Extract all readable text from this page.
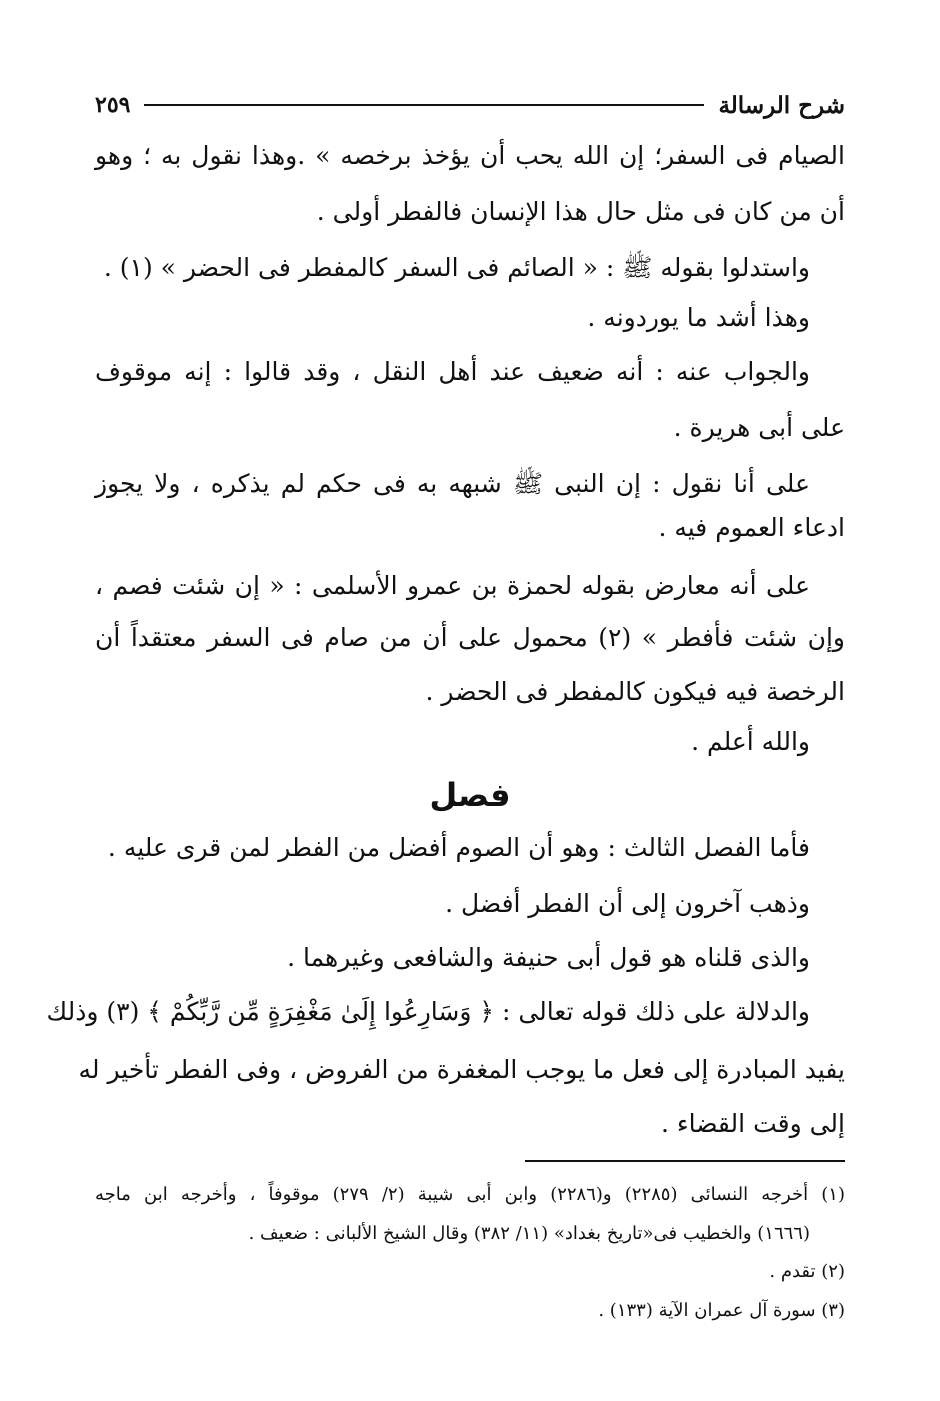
شرح الرسالة
٢٥٩
الصيام فى السفر؛ إن الله يحب أن يؤخذ برخصه » .وهذا نقول به ؛ وهو
أن من كان فى مثل حال هذا الإنسان فالفطر أولى .
واستدلوا بقوله ﷺ : « الصائم فى السفر كالمفطر فى الحضر » (١) .
وهذا أشد ما يوردونه .
والجواب عنه : أنه ضعيف عند أهل النقل ، وقد قالوا : إنه موقوف
على أبى هريرة .
على أنا نقول : إن النبى ﷺ شبهه به فى حكم لم يذكره ، ولا يجوز
ادعاء العموم فيه .
على أنه معارض بقوله لحمزة بن عمرو الأسلمى : « إن شئت فصم ،
وإن شئت فأفطر » (٢) محمول على أن من صام فى السفر معتقداً أن
الرخصة فيه فيكون كالمفطر فى الحضر .
والله أعلم .
فصل
فأما الفصل الثالث : وهو أن الصوم أفضل من الفطر لمن قرى عليه .
وذهب آخرون إلى أن الفطر أفضل .
والذى قلناه هو قول أبى حنيفة والشافعى وغيرهما .
والدلالة على ذلك قوله تعالى : ﴿ وَسَارِعُوا إِلَىٰ مَغْفِرَةٍ مِّن رَّبِّكُمْ ﴾ (٣) وذلك
يفيد المبادرة إلى فعل ما يوجب المغفرة من الفروض ، وفى الفطر تأخير له
إلى وقت القضاء .
(١) أخرجه النسائى (٢٢٨٥) و(٢٢٨٦) وابن أبى شيبة (٢/ ٢٧٩) موقوفاً ، وأخرجه ابن ماجه
(١٦٦٦) والخطيب فى«تاريخ بغداد» (١١/ ٣٨٢) وقال الشيخ الألبانى : ضعيف .
(٢) تقدم .
(٣) سورة آل عمران الآية (١٣٣) .
